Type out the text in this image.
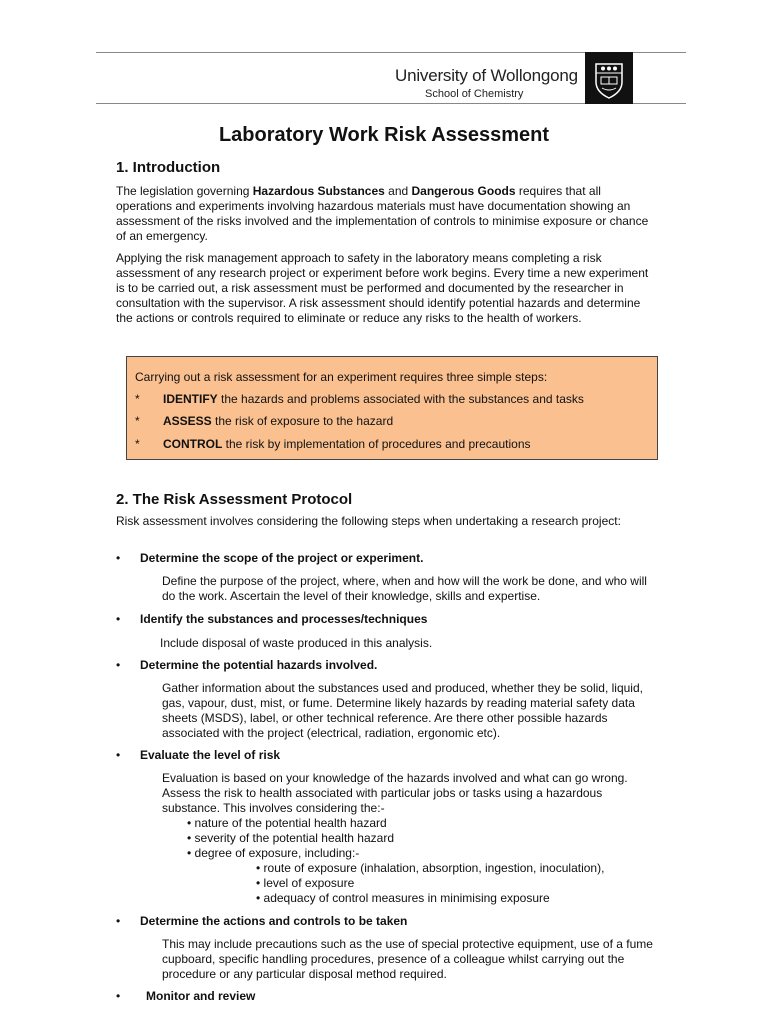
University of Wollongong
School of Chemistry
Laboratory Work Risk Assessment
1. Introduction

The legislation governing Hazardous Substances and Dangerous Goods requires that all operations and experiments involving hazardous materials must have documentation showing an assessment of the risks involved and the implementation of controls to minimise exposure or chance of an emergency.

Applying the risk management approach to safety in the laboratory means completing a risk assessment of any research project or experiment before work begins. Every time a new experiment is to be carried out, a risk assessment must be performed and documented by the researcher in consultation with the supervisor. A risk assessment should identify potential hazards and determine the actions or controls required to eliminate or reduce any risks to the health of workers.

Carrying out a risk assessment for an experiment requires three simple steps:
* IDENTIFY the hazards and problems associated with the substances and tasks
* ASSESS the risk of exposure to the hazard
* CONTROL the risk by implementation of procedures and precautions
2. The Risk Assessment Protocol

Risk assessment involves considering the following steps when undertaking a research project:

• Determine the scope of the project or experiment.

Define the purpose of the project, where, when and how will the work be done, and who will do the work. Ascertain the level of their knowledge, skills and expertise.

• Identify the substances and processes/techniques

Include disposal of waste produced in this analysis.

• Determine the potential hazards involved.

Gather information about the substances used and produced, whether they be solid, liquid, gas, vapour, dust, mist, or fume. Determine likely hazards by reading material safety data sheets (MSDS), label, or other technical reference. Are there other possible hazards associated with the project (electrical, radiation, ergonomic etc).

• Evaluate the level of risk

Evaluation is based on your knowledge of the hazards involved and what can go wrong. Assess the risk to health associated with particular jobs or tasks using a hazardous substance. This involves considering the:-

• nature of the potential health hazard
• severity of the potential health hazard
• degree of exposure, including:-
• route of exposure (inhalation, absorption, ingestion, inoculation),
• level of exposure
• adequacy of control measures in minimising exposure
• Determine the actions and controls to be taken

This may include precautions such as the use of special protective equipment, use of a fume cupboard, specific handling procedures, presence of a colleague whilst carrying out the procedure or any particular disposal method required.

• Monitor and review
